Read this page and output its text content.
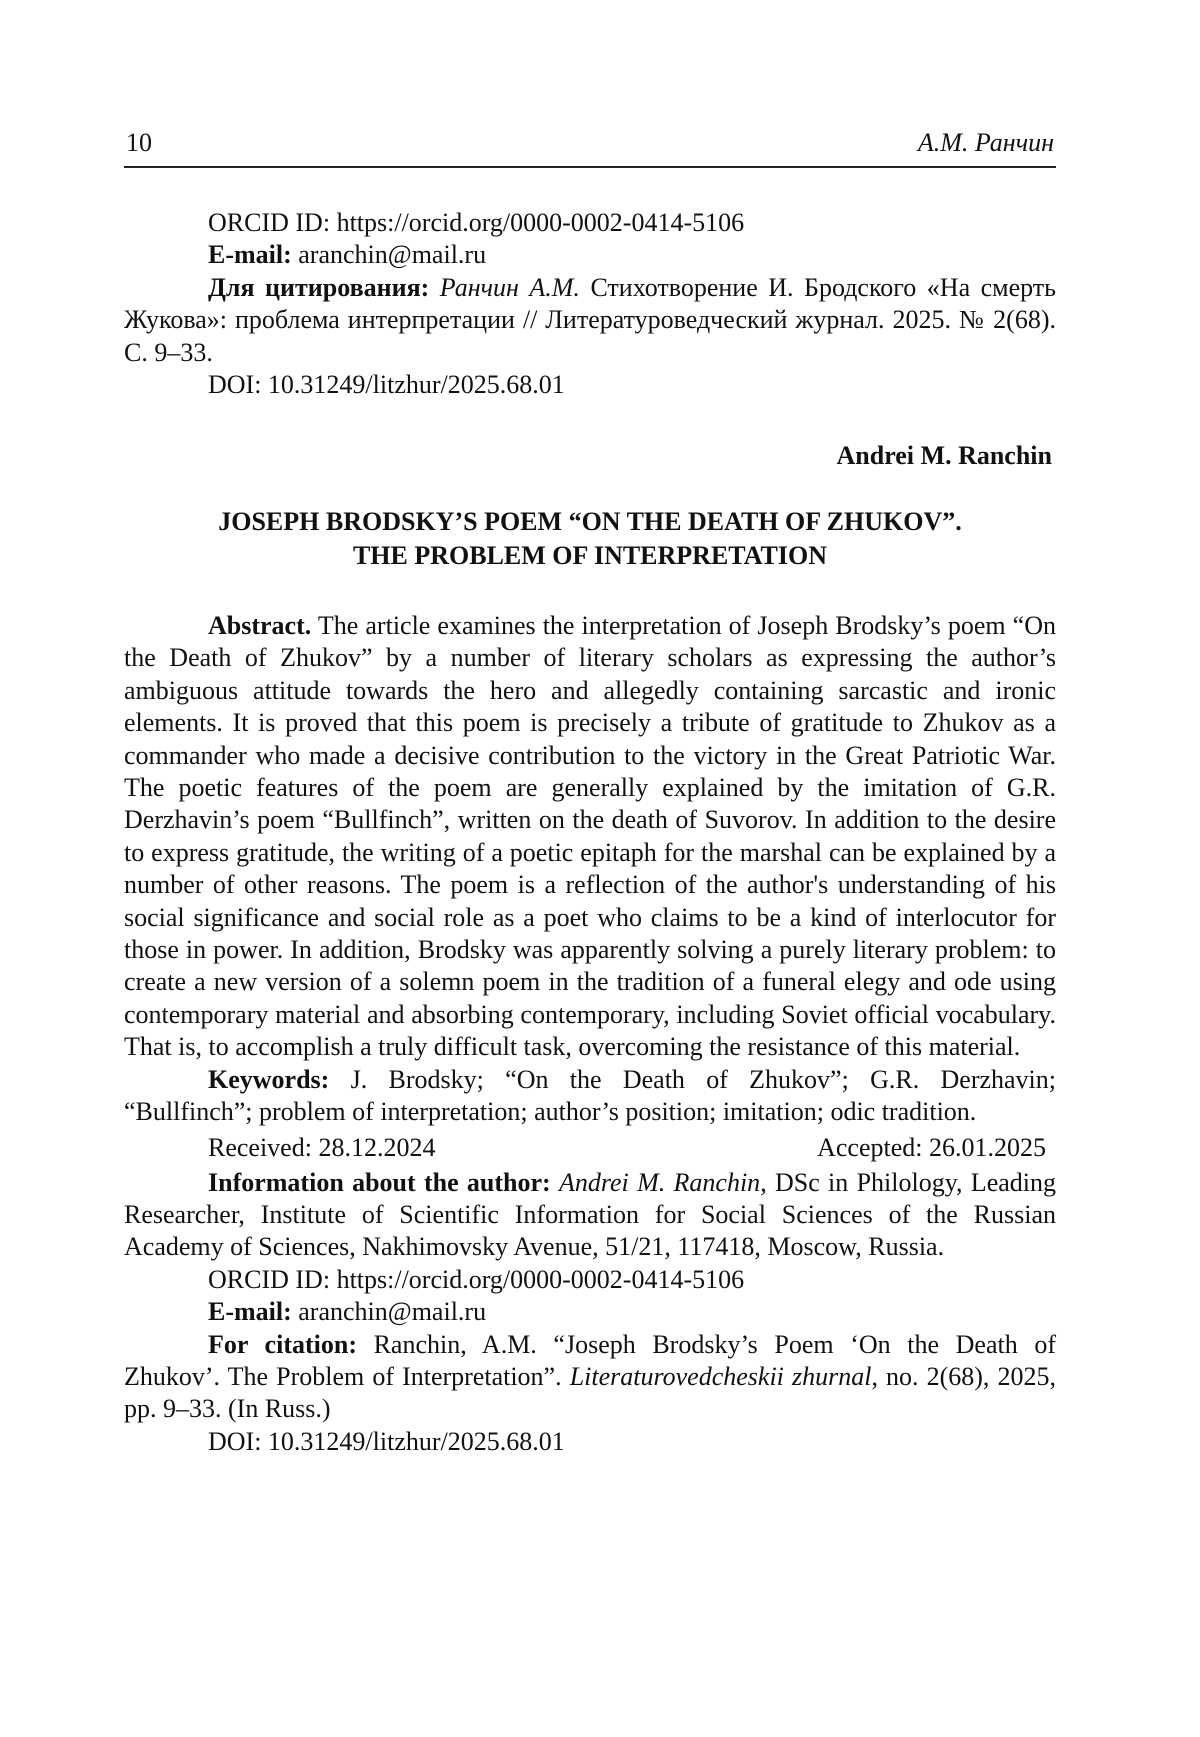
10	А.М. Ранчин

ORCID ID: https://orcid.org/0000-0002-0414-5106

E-mail: aranchin@mail.ru

Для цитирования: Ранчин А.М. Стихотворение И. Бродского «На смерть Жукова»: проблема интерпретации // Литературоведческий журнал. 2025. № 2(68). С. 9–33.

DOI: 10.31249/litzhur/2025.68.01

Andrei M. Ranchin
JOSEPH BRODSKY’S POEM “ON THE DEATH OF ZHUKOV”.
THE PROBLEM OF INTERPRETATION

Abstract. The article examines the interpretation of Joseph Brodsky’s poem “On the Death of Zhukov” by a number of literary scholars as expressing the author’s ambiguous attitude towards the hero and allegedly containing sarcastic and ironic elements. It is proved that this poem is precisely a tribute of gratitude to Zhukov as a commander who made a decisive contribution to the victory in the Great Patriotic War. The poetic features of the poem are generally explained by the imitation of G.R. Derzhavin’s poem “Bullfinch”, written on the death of Suvorov. In addition to the desire to express gratitude, the writing of a poetic epitaph for the marshal can be explained by a number of other reasons. The poem is a reflection of the author's understanding of his social significance and social role as a poet who claims to be a kind of interlocutor for those in power. In addition, Brodsky was apparently solving a purely literary problem: to create a new version of a solemn poem in the tradition of a funeral elegy and ode using contemporary material and absorbing contemporary, including Soviet official vocabulary. That is, to accomplish a truly difficult task, overcoming the resistance of this material.

Keywords: J. Brodsky; “On the Death of Zhukov”; G.R. Derzhavin; “Bullfinch”; problem of interpretation; author’s position; imitation; odic tradition.

Received: 28.12.2024	Accepted: 26.01.2025

Information about the author: Andrei M. Ranchin, DSc in Philology, Leading Researcher, Institute of Scientific Information for Social Sciences of the Russian Academy of Sciences, Nakhimovsky Avenue, 51/21, 117418, Moscow, Russia.

ORCID ID: https://orcid.org/0000-0002-0414-5106

E-mail: aranchin@mail.ru

For citation: Ranchin, A.M. “Joseph Brodsky’s Poem ‘On the Death of Zhukov’. The Problem of Interpretation”. Literaturovedcheskii zhurnal, no. 2(68), 2025, pp. 9–33. (In Russ.)

DOI: 10.31249/litzhur/2025.68.01
